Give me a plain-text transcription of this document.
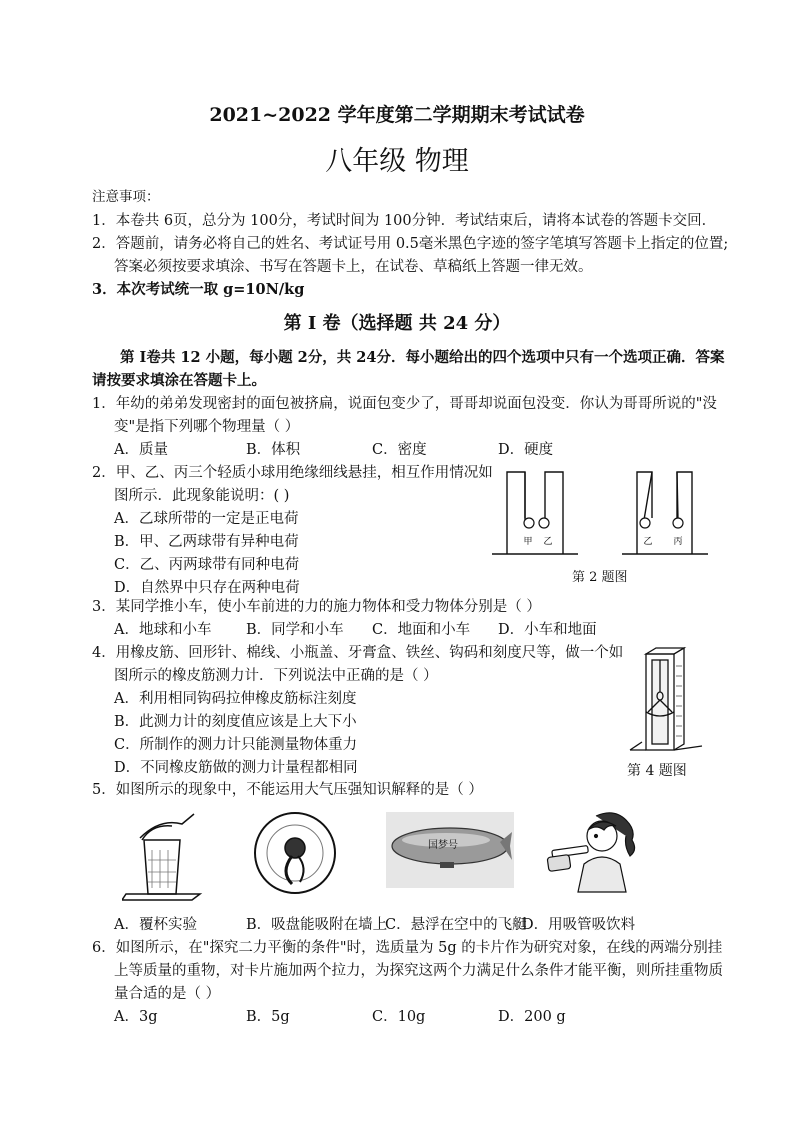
2021~2022 学年度第二学期期末考试试卷
八年级 物理
注意事项：
1．本卷共 6页，总分为 100分，考试时间为 100分钟．考试结束后，请将本试卷的答题卡交回．
2．答题前，请务必将自己的姓名、考试证号用 0.5毫米黑色字迹的签字笔填写答题卡上指定的位置;
答案必须按要求填涂、书写在答题卡上，在试卷、草稿纸上答题一律无效。
3．本次考试统一取 g=10N/kg
第 Ⅰ 卷（选择题 共 24 分）
第 Ⅰ卷共 12 小题，每小题 2分，共 24分．每小题给出的四个选项中只有一个选项正确．答案
请按要求填涂在答题卡上。
1．年幼的弟弟发现密封的面包被挤扁，说面包变少了，哥哥却说面包没变．你认为哥哥所说的"没
变"是指下列哪个物理量（ ）
A．质量	B．体积	C．密度	D．硬度
2．甲、乙、丙三个轻质小球用绝缘细线悬挂，相互作用情况如
图所示．此现象能说明：( )
A．乙球所带的一定是正电荷
B．甲、乙两球带有异种电荷
C．乙、丙两球带有同种电荷
D．自然界中只存在两种电荷
甲 乙	乙 丙
第 2 题图
3．某同学推小车，使小车前进的力的施力物体和受力物体分别是（ ）
A．地球和小车 B．同学和小车 C．地面和小车 D．小车和地面
4．用橡皮筋、回形针、棉线、小瓶盖、牙膏盒、铁丝、钩码和刻度尺等，做一个如
图所示的橡皮筋测力计．下列说法中正确的是（ ）
A．利用相同钩码拉伸橡皮筋标注刻度
B．此测力计的刻度值应该是上大下小
C．所制作的测力计只能测量物体重力
D．不同橡皮筋做的测力计量程都相同	第 4 题图
5．如图所示的现象中，不能运用大气压强知识解释的是（ ）
国梦号
A．覆杯实验	B．吸盘能吸附在墙上
C．悬浮在空中的飞艇
D．用吸管吸饮料
6．如图所示，在"探究二力平衡的条件"时，选质量为 5g 的卡片作为研究对象，在线的两端分别挂
上等质量的重物，对卡片施加两个拉力，为探究这两个力满足什么条件才能平衡，则所挂重物质
量合适的是（ ）
A．3g	B．5g	C．10g	D．200 g
